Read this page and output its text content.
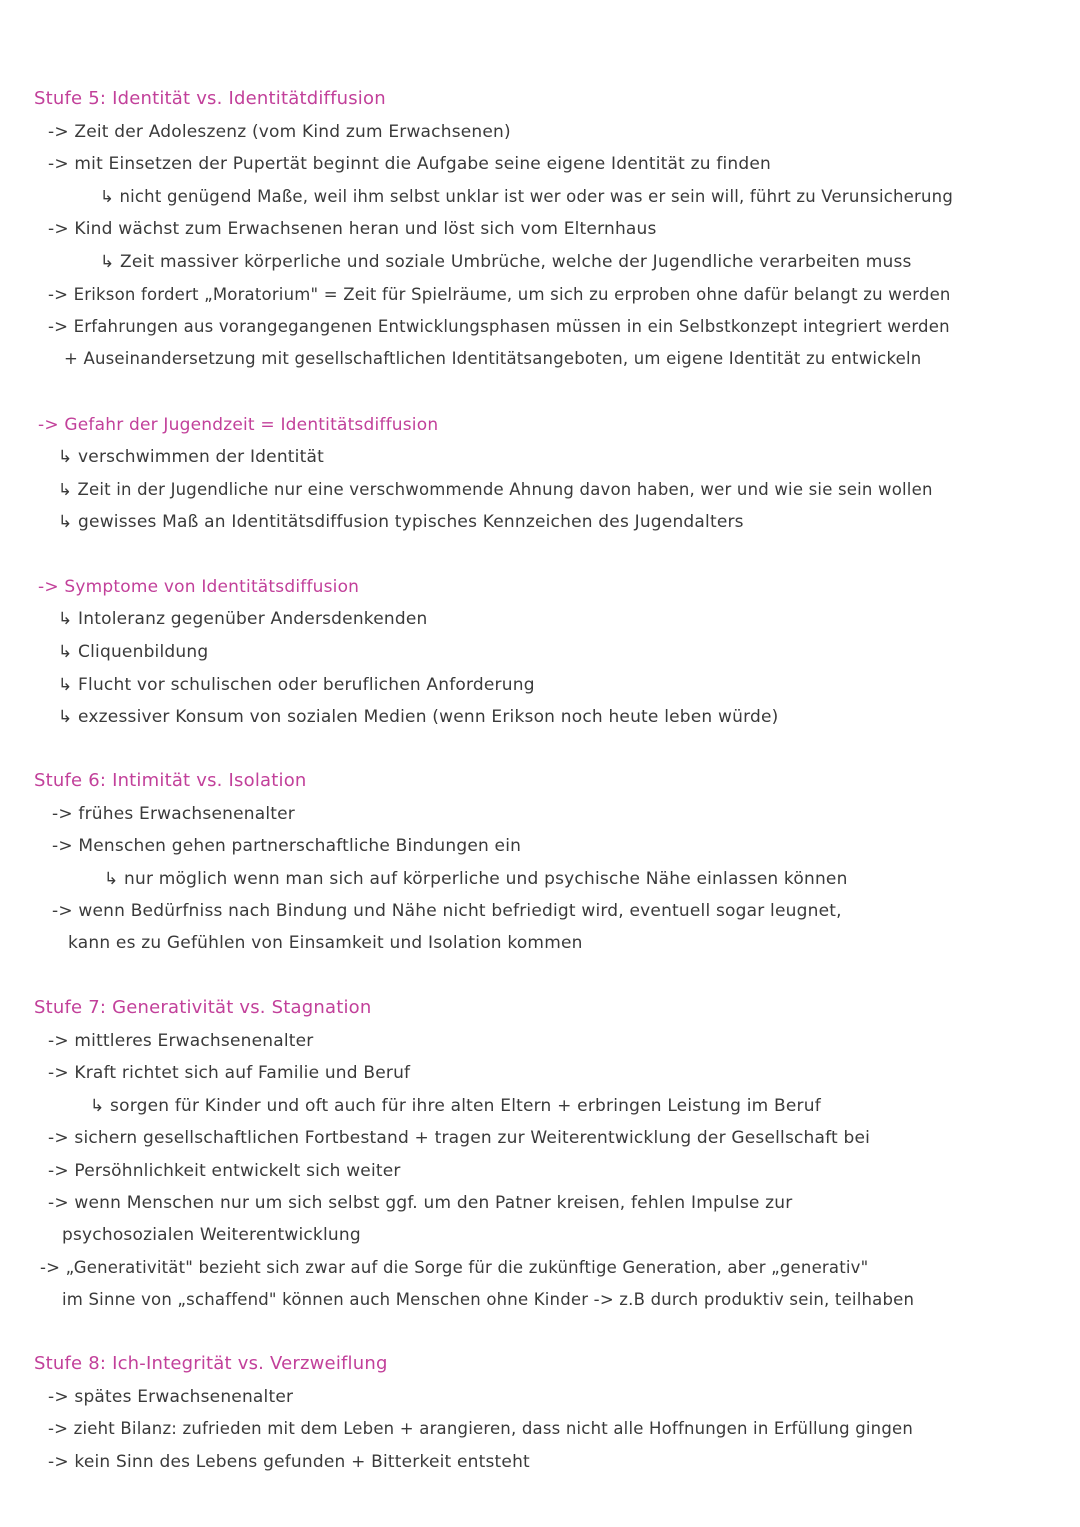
Stufe 5: Identität vs. Identitätdiffusion
-> Zeit der Adoleszenz (vom Kind zum Erwachsenen)
-> mit Einsetzen der Pupertät beginnt die Aufgabe seine eigene Identität zu finden
↳ nicht genügend Maße, weil ihm selbst unklar ist wer oder was er sein will, führt zu Verunsicherung
-> Kind wächst zum Erwachsenen heran und löst sich vom Elternhaus
↳ Zeit massiver körperliche und soziale Umbrüche, welche der Jugendliche verarbeiten muss
-> Erikson fordert „Moratorium" = Zeit für Spielräume, um sich zu erproben ohne dafür belangt zu werden
-> Erfahrungen aus vorangegangenen Entwicklungsphasen müssen in ein Selbstkonzept integriert werden
+ Auseinandersetzung mit gesellschaftlichen Identitätsangeboten, um eigene Identität zu entwickeln
-> Gefahr der Jugendzeit = Identitätsdiffusion
↳ verschwimmen der Identität
↳ Zeit in der Jugendliche nur eine verschwommende Ahnung davon haben, wer und wie sie sein wollen
↳ gewisses Maß an Identitätsdiffusion typisches Kennzeichen des Jugendalters
-> Symptome von Identitätsdiffusion
↳ Intoleranz gegenüber Andersdenkenden
↳ Cliquenbildung
↳ Flucht vor schulischen oder beruflichen Anforderung
↳ exzessiver Konsum von sozialen Medien (wenn Erikson noch heute leben würde)
Stufe 6: Intimität vs. Isolation
-> frühes Erwachsenenalter
-> Menschen gehen partnerschaftliche Bindungen ein
↳ nur möglich wenn man sich auf körperliche und psychische Nähe einlassen können
-> wenn Bedürfniss nach Bindung und Nähe nicht befriedigt wird, eventuell sogar leugnet,
kann es zu Gefühlen von Einsamkeit und Isolation kommen
Stufe 7: Generativität vs. Stagnation
-> mittleres Erwachsenenalter
-> Kraft richtet sich auf Familie und Beruf
↳ sorgen für Kinder und oft auch für ihre alten Eltern + erbringen Leistung im Beruf
-> sichern gesellschaftlichen Fortbestand + tragen zur Weiterentwicklung der Gesellschaft bei
-> Persöhnlichkeit entwickelt sich weiter
-> wenn Menschen nur um sich selbst ggf. um den Patner kreisen, fehlen Impulse zur
psychosozialen Weiterentwicklung
-> „Generativität" bezieht sich zwar auf die Sorge für die zukünftige Generation, aber „generativ"
im Sinne von „schaffend" können auch Menschen ohne Kinder -> z.B durch produktiv sein, teilhaben
Stufe 8: Ich-Integrität vs. Verzweiflung
-> spätes Erwachsenenalter
-> zieht Bilanz: zufrieden mit dem Leben + arangieren, dass nicht alle Hoffnungen in Erfüllung gingen
-> kein Sinn des Lebens gefunden + Bitterkeit entsteht
